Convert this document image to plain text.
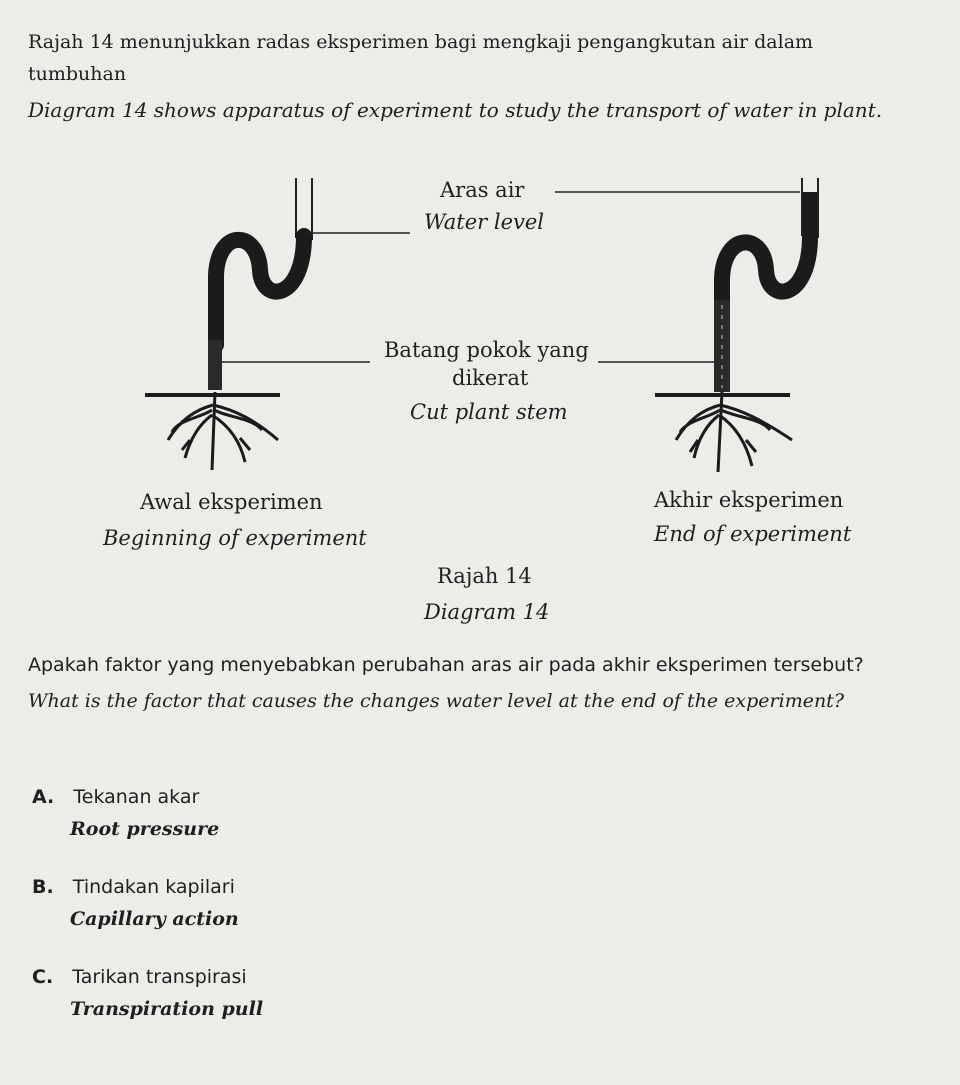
Rajah 14 menunjukkan radas eksperimen bagi mengkaji pengangkutan air dalam
tumbuhan
Diagram 14 shows apparatus of experiment to study the transport of water in plant.
Aras air
Water level
Batang pokok yang
dikerat
Cut plant stem
Awal eksperimen
Beginning of experiment
Akhir eksperimen
End of experiment
Rajah 14
Diagram 14
Apakah faktor yang menyebabkan perubahan aras air pada akhir eksperimen tersebut?
What is the factor that causes the changes water level at the end of the experiment?
A. Tekanan akar
Root pressure
B. Tindakan kapilari
Capillary action
C. Tarikan transpirasi
Transpiration pull
